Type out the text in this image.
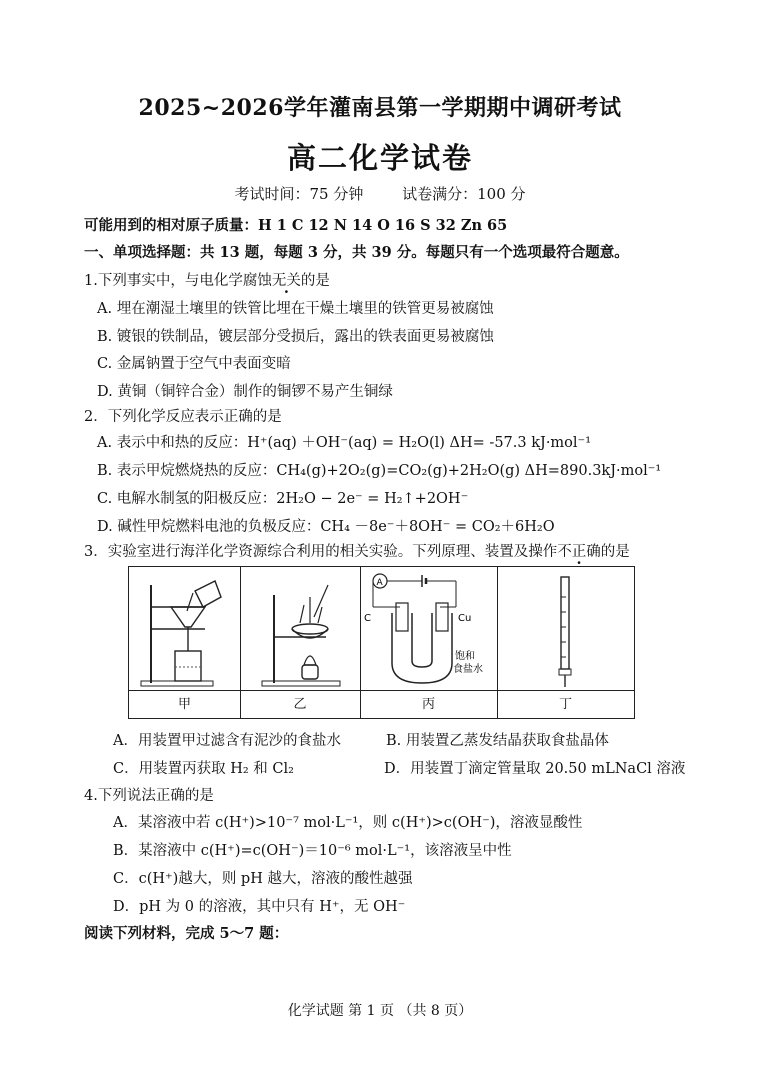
2025~2026学年灌南县第一学期期中调研考试
高二化学试卷
考试时间：75 分钟	试卷满分：100 分
可能用到的相对原子质量：H 1 C 12 N 14 O 16 S 32 Zn 65
一、单项选择题：共 13 题，每题 3 分，共 39 分。每题只有一个选项最符合题意。
1.下列事实中，与电化学腐蚀无关的是
A. 埋在潮湿土壤里的铁管比埋在干燥土壤里的铁管更易被腐蚀
B. 镀银的铁制品，镀层部分受损后，露出的铁表面更易被腐蚀
C. 金属钠置于空气中表面变暗
D. 黄铜（铜锌合金）制作的铜锣不易产生铜绿
2．下列化学反应表示正确的是
A. 表示中和热的反应：H⁺(aq) ＋OH⁻(aq) = H₂O(l) ΔH= -57.3 kJ·mol⁻¹
B. 表示甲烷燃烧热的反应：CH₄(g)+2O₂(g)=CO₂(g)+2H₂O(g) ΔH=890.3kJ·mol⁻¹
C. 电解水制氢的阳极反应：2H₂O − 2e⁻ = H₂↑+2OH⁻
D. 碱性甲烷燃料电池的负极反应：CH₄ －8e⁻＋8OH⁻ = CO₂＋6H₂O
3．实验室进行海洋化学资源综合利用的相关实验。下列原理、装置及操作不正确的是
甲	乙
A
C	Cu
饱和
食盐水
丙	丁
A．用装置甲过滤含有泥沙的食盐水	B. 用装置乙蒸发结晶获取食盐晶体
C．用装置丙获取 H₂ 和 Cl₂	D．用装置丁滴定管量取 20.50 mLNaCl 溶液
4.下列说法正确的是
A．某溶液中若 c(H⁺)>10⁻⁷ mol·L⁻¹，则 c(H⁺)>c(OH⁻)，溶液显酸性
B．某溶液中 c(H⁺)=c(OH⁻)＝10⁻⁶ mol·L⁻¹，该溶液呈中性
C．c(H⁺)越大，则 pH 越大，溶液的酸性越强
D．pH 为 0 的溶液，其中只有 H⁺，无 OH⁻
阅读下列材料，完成 5～7 题：
化学试题 第 1 页 （共 8 页）
